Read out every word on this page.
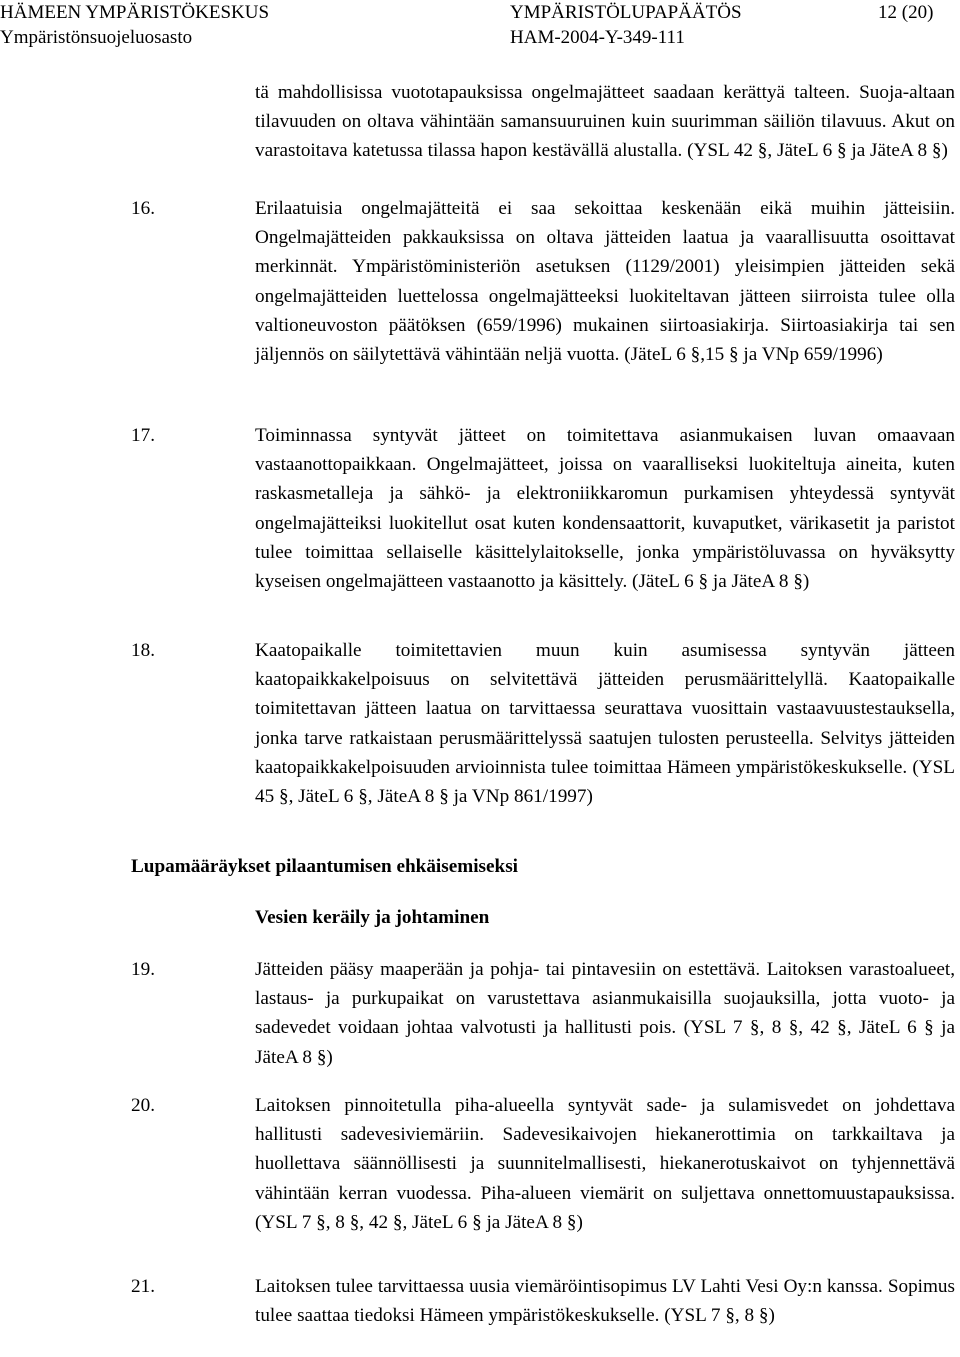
HÄMEEN YMPÄRISTÖKESKUS
Ympäristönsuojeluosasto
YMPÄRISTÖLUPAPÄÄTÖS
HAM-2004-Y-349-111
12 (20)
tä mahdollisissa vuototapauksissa ongelmajätteet saadaan kerättyä talteen. Suoja-altaan tilavuuden on oltava vähintään samansuuruinen kuin suurimman säiliön tilavuus. Akut on varastoitava katetussa tilassa hapon kestävällä alustalla. (YSL 42 §, JäteL 6 § ja JäteA 8 §)
16.	Erilaatuisia ongelmajätteitä ei saa sekoittaa keskenään eikä muihin jätteisiin. Ongelmajätteiden pakkauksissa on oltava jätteiden laatua ja vaarallisuutta osoittavat merkinnät. Ympäristöministeriön asetuksen (1129/2001) yleisimpien jätteiden sekä ongelmajätteiden luettelossa ongelmajätteeksi luokiteltavan jätteen siirroista tulee olla valtioneuvoston päätöksen (659/1996) mukainen siirtoasiakirja. Siirtoasiakirja tai sen jäljennös on säilytettävä vähintään neljä vuotta. (JäteL 6 §,15 § ja VNp 659/1996)
17.	Toiminnassa syntyvät jätteet on toimitettava asianmukaisen luvan omaavaan vastaanottopaikkaan. Ongelmajätteet, joissa on vaaralliseksi luokiteltuja aineita, kuten raskasmetalleja ja sähkö- ja elektroniikkaromun purkamisen yhteydessä syntyvät ongelmajätteiksi luokitellut osat kuten kondensaattorit, kuvaputket, värikasetit ja paristot tulee toimittaa sellaiselle käsittelylaitokselle, jonka ympäristöluvassa on hyväksytty kyseisen ongelmajätteen vastaanotto ja käsittely. (JäteL 6 § ja JäteA 8 §)
18.	Kaatopaikalle toimitettavien muun kuin asumisessa syntyvän jätteen kaatopaikkakelpoisuus on selvitettävä jätteiden perusmäärittelyllä. Kaatopaikalle toimitettavan jätteen laatua on tarvittaessa seurattava vuosittain vastaavuustestauksella, jonka tarve ratkaistaan perusmäärittelyssä saatujen tulosten perusteella. Selvitys jätteiden kaatopaikkakelpoisuuden arvioinnista tulee toimittaa Hämeen ympäristökeskukselle. (YSL 45 §, JäteL 6 §, JäteA 8 § ja VNp 861/1997)
Lupamääräykset pilaantumisen ehkäisemiseksi
Vesien keräily ja johtaminen
19.	Jätteiden pääsy maaperään ja pohja- tai pintavesiin on estettävä. Laitoksen varastoalueet, lastaus- ja purkupaikat on varustettava asianmukaisilla suojauksilla, jotta vuoto- ja sadevedet voidaan johtaa valvotusti ja hallitusti pois. (YSL 7 §, 8 §, 42 §, JäteL 6 § ja JäteA 8 §)
20.	Laitoksen pinnoitetulla piha-alueella syntyvät sade- ja sulamisvedet on johdettava hallitusti sadevesiviemäriin. Sadevesikaivojen hiekanerottimia on tarkkailtava ja huollettava säännöllisesti ja suunnitelmallisesti, hiekanerotuskaivot on tyhjennettävä vähintään kerran vuodessa. Piha-alueen viemärit on suljettava onnettomuustapauksissa. (YSL 7 §, 8 §, 42 §, JäteL 6 § ja JäteA 8 §)
21.	Laitoksen tulee tarvittaessa uusia viemäröintisopimus LV Lahti Vesi Oy:n kanssa. Sopimus tulee saattaa tiedoksi Hämeen ympäristökeskukselle. (YSL 7 §, 8 §)
